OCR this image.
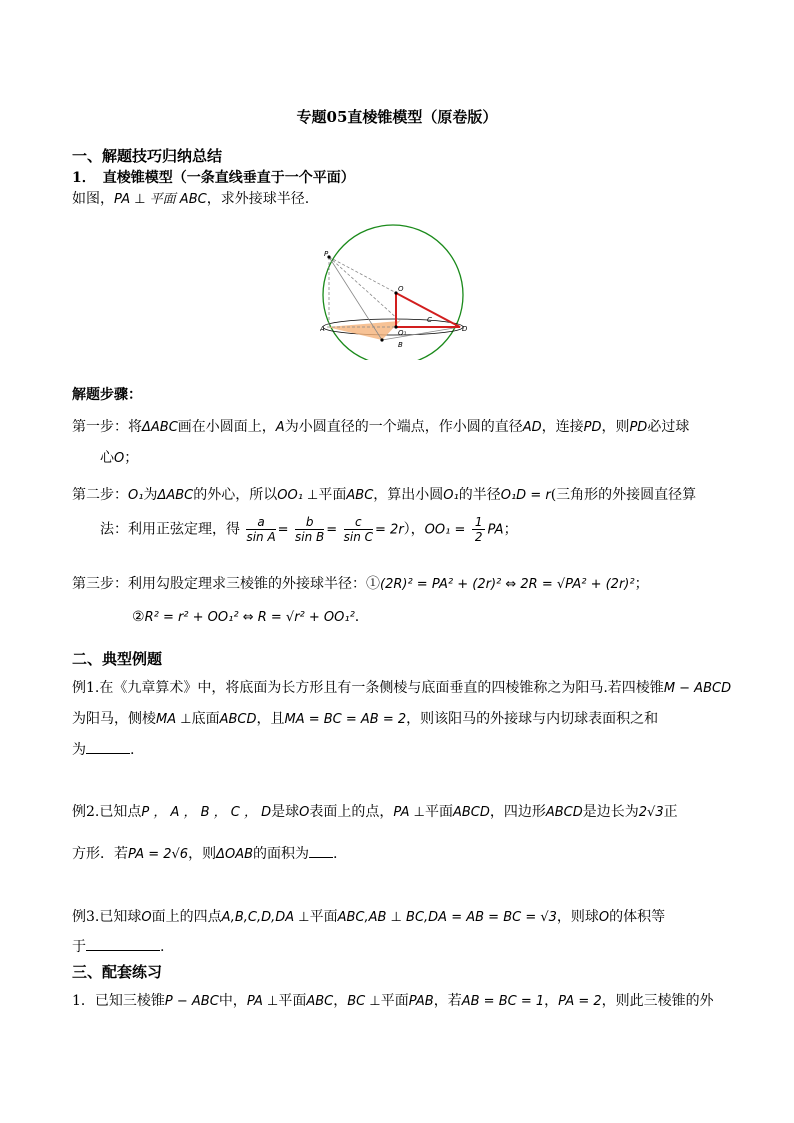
专题05直棱锥模型（原卷版）
一、解题技巧归纳总结
1．　直棱锥模型（一条直线垂直于一个平面）
如图，PA ⊥ 平面 ABC，求外接球半径.
P
O
C
A	O₁	D
B
解题步骤：
第一步：将ΔABC画在小圆面上，A为小圆直径的一个端点，作小圆的直径AD，连接PD，则PD必过球
心O；
第二步：O₁为ΔABC的外心，所以OO₁ ⊥平面ABC，算出小圆O₁的半径O₁D = r(三角形的外接圆直径算
法：利用正弦定理，得 $\frac{a}{\text{sin A}} = \frac{b}{\text{sin B}} = \frac{c}{\text{sin C}} = 2r$），$OO_1 = \frac{1}{2}$ PA；
第三步：利用勾股定理求三棱锥的外接球半径：①(2R)² = PA² + (2r)² ⇔ 2R = √PA² + (2r)²；
②R² = r² + OO₁² ⇔ R = √r² + OO₁².
二、典型例题
例1.在《九章算术》中，将底面为长方形且有一条侧棱与底面垂直的四棱锥称之为阳马.若四棱锥M − ABCD
为阳马，侧棱MA ⊥底面ABCD，且MA = BC = AB = 2，则该阳马的外接球与内切球表面积之和
为	.
例2.已知点P ， A ， B ， C ， D是球O表面上的点，PA ⊥平面ABCD，四边形ABCD是边长为2√3正
方形．若PA = 2√6，则ΔOAB的面积为 .
例3.已知球O面上的四点A,B,C,D,DA ⊥平面ABC,AB ⊥ BC,DA = AB = BC = √3，则球O的体积等
于	.
三、配套练习
1．已知三棱锥P − ABC中，PA ⊥平面ABC，BC ⊥平面PAB，若AB = BC = 1，PA = 2，则此三棱锥的外
